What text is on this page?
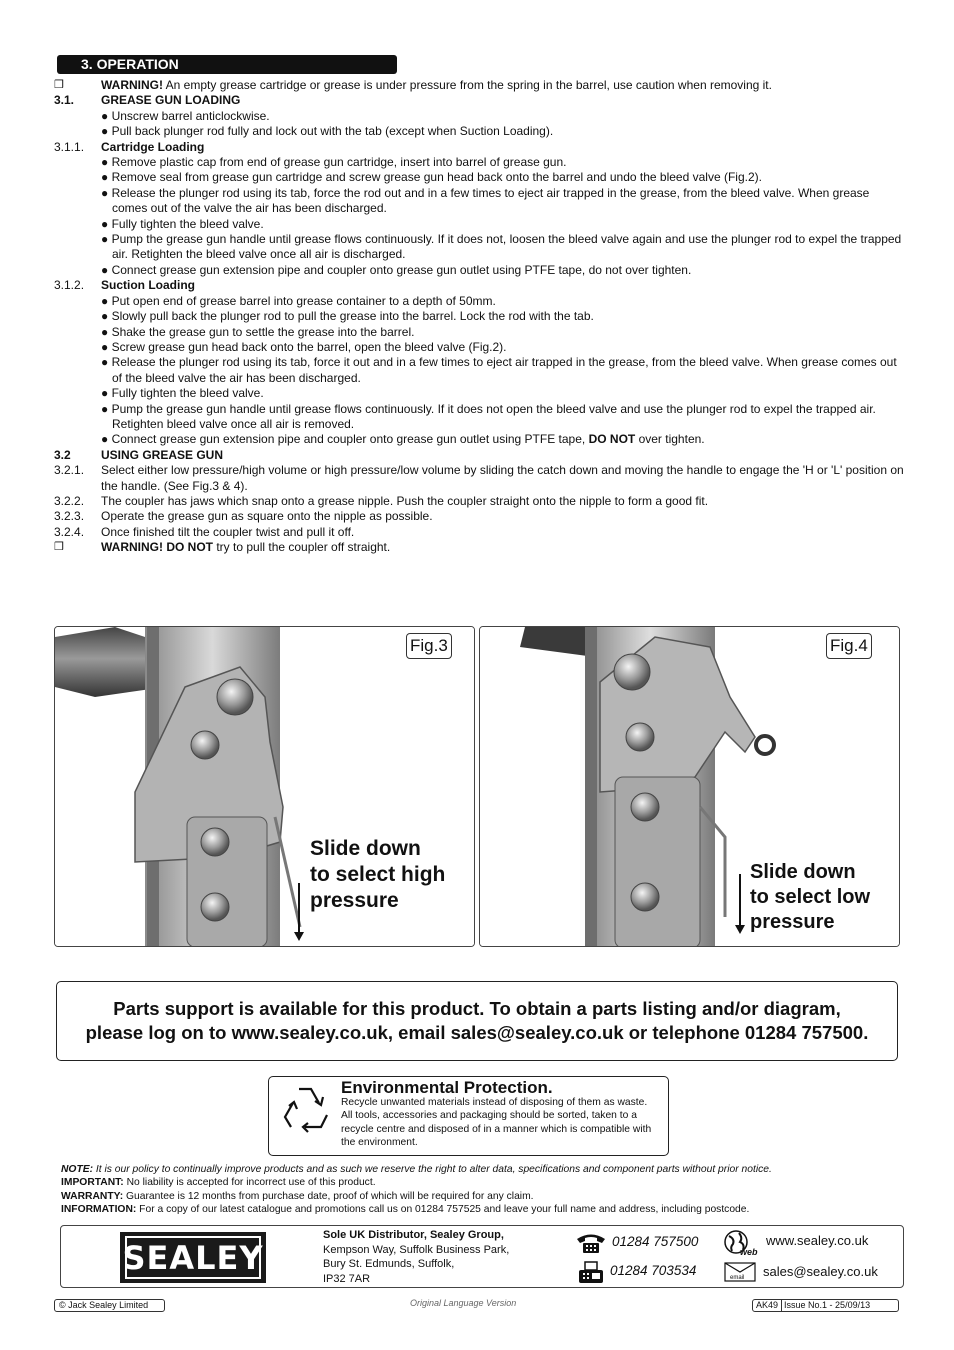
3. OPERATION
❒	WARNING! An empty grease cartridge or grease is under pressure from the spring in the barrel, use caution when removing it.
3.1.	GREASE GUN LOADING
● Unscrew barrel anticlockwise.
● Pull back plunger rod fully and lock out with the tab (except when Suction Loading).
3.1.1.	Cartridge Loading
● Remove plastic cap from end of grease gun cartridge, insert into barrel of grease gun.
● Remove seal from grease gun cartridge and screw grease gun head back onto the barrel and undo the bleed valve (Fig.2).
● Release the plunger rod using its tab, force the rod out and in a few times to eject air trapped in the grease, from the bleed valve. When grease comes out of the valve the air has been discharged.
● Fully tighten the bleed valve.
● Pump the grease gun handle until grease flows continuously. If it does not, loosen the bleed valve again and use the plunger rod to expel the trapped air. Retighten the bleed valve once all air is discharged.
● Connect grease gun extension pipe and coupler onto grease gun outlet using PTFE tape, do not over tighten.
3.1.2.	Suction Loading
● Put open end of grease barrel into grease container to a depth of 50mm.
● Slowly pull back the plunger rod to pull the grease into the barrel. Lock the rod with the tab.
● Shake the grease gun to settle the grease into the barrel.
● Screw grease gun head back onto the barrel, open the bleed valve (Fig.2).
● Release the plunger rod using its tab, force it out and in a few times to eject air trapped in the grease, from the bleed valve. When grease comes out of the bleed valve the air has been discharged.
● Fully tighten the bleed valve.
● Pump the grease gun handle until grease flows continuously. If it does not open the bleed valve and use the plunger rod to expel the trapped air. Retighten bleed valve once all air is removed.
● Connect grease gun extension pipe and coupler onto grease gun outlet using PTFE tape, DO NOT over tighten.
3.2	USING GREASE GUN
3.2.1.	Select either low pressure/high volume or high pressure/low volume by sliding the catch down and moving the handle to engage the 'H or 'L' position on the handle. (See Fig.3 & 4).
3.2.2.	The coupler has jaws which snap onto a grease nipple. Push the coupler straight onto the nipple to form a good fit.
3.2.3.	Operate the grease gun as square onto the nipple as possible.
3.2.4.	Once finished tilt the coupler twist and pull it off.
❒	WARNING! DO NOT try to pull the coupler off straight.
Fig.3
Slide down
to select high
pressure
Fig.4
Slide down
to select low
pressure
Parts support is available for this product. To obtain a parts listing and/or diagram,
please log on to www.sealey.co.uk, email sales@sealey.co.uk or telephone 01284 757500.
Environmental Protection.
Recycle unwanted materials instead of disposing of them as waste. All tools, accessories and packaging should be sorted, taken to a recycle centre and disposed of in a manner which is compatible with the environment.
NOTE: It is our policy to continually improve products and as such we reserve the right to alter data, specifications and component parts without prior notice.
IMPORTANT: No liability is accepted for incorrect use of this product.
WARRANTY: Guarantee is 12 months from purchase date, proof of which will be required for any claim.
INFORMATION: For a copy of our latest catalogue and promotions call us on 01284 757525 and leave your full name and address, including postcode.
SEALEY
Sole UK Distributor, Sealey Group,
Kempson Way, Suffolk Business Park,
Bury St. Edmunds, Suffolk,
IP32 7AR
01284 757500
01284 703534
web
www.sealey.co.uk
email sales@sealey.co.uk
© Jack Sealey Limited	Original Language Version	AK49 Issue No.1 - 25/09/13
